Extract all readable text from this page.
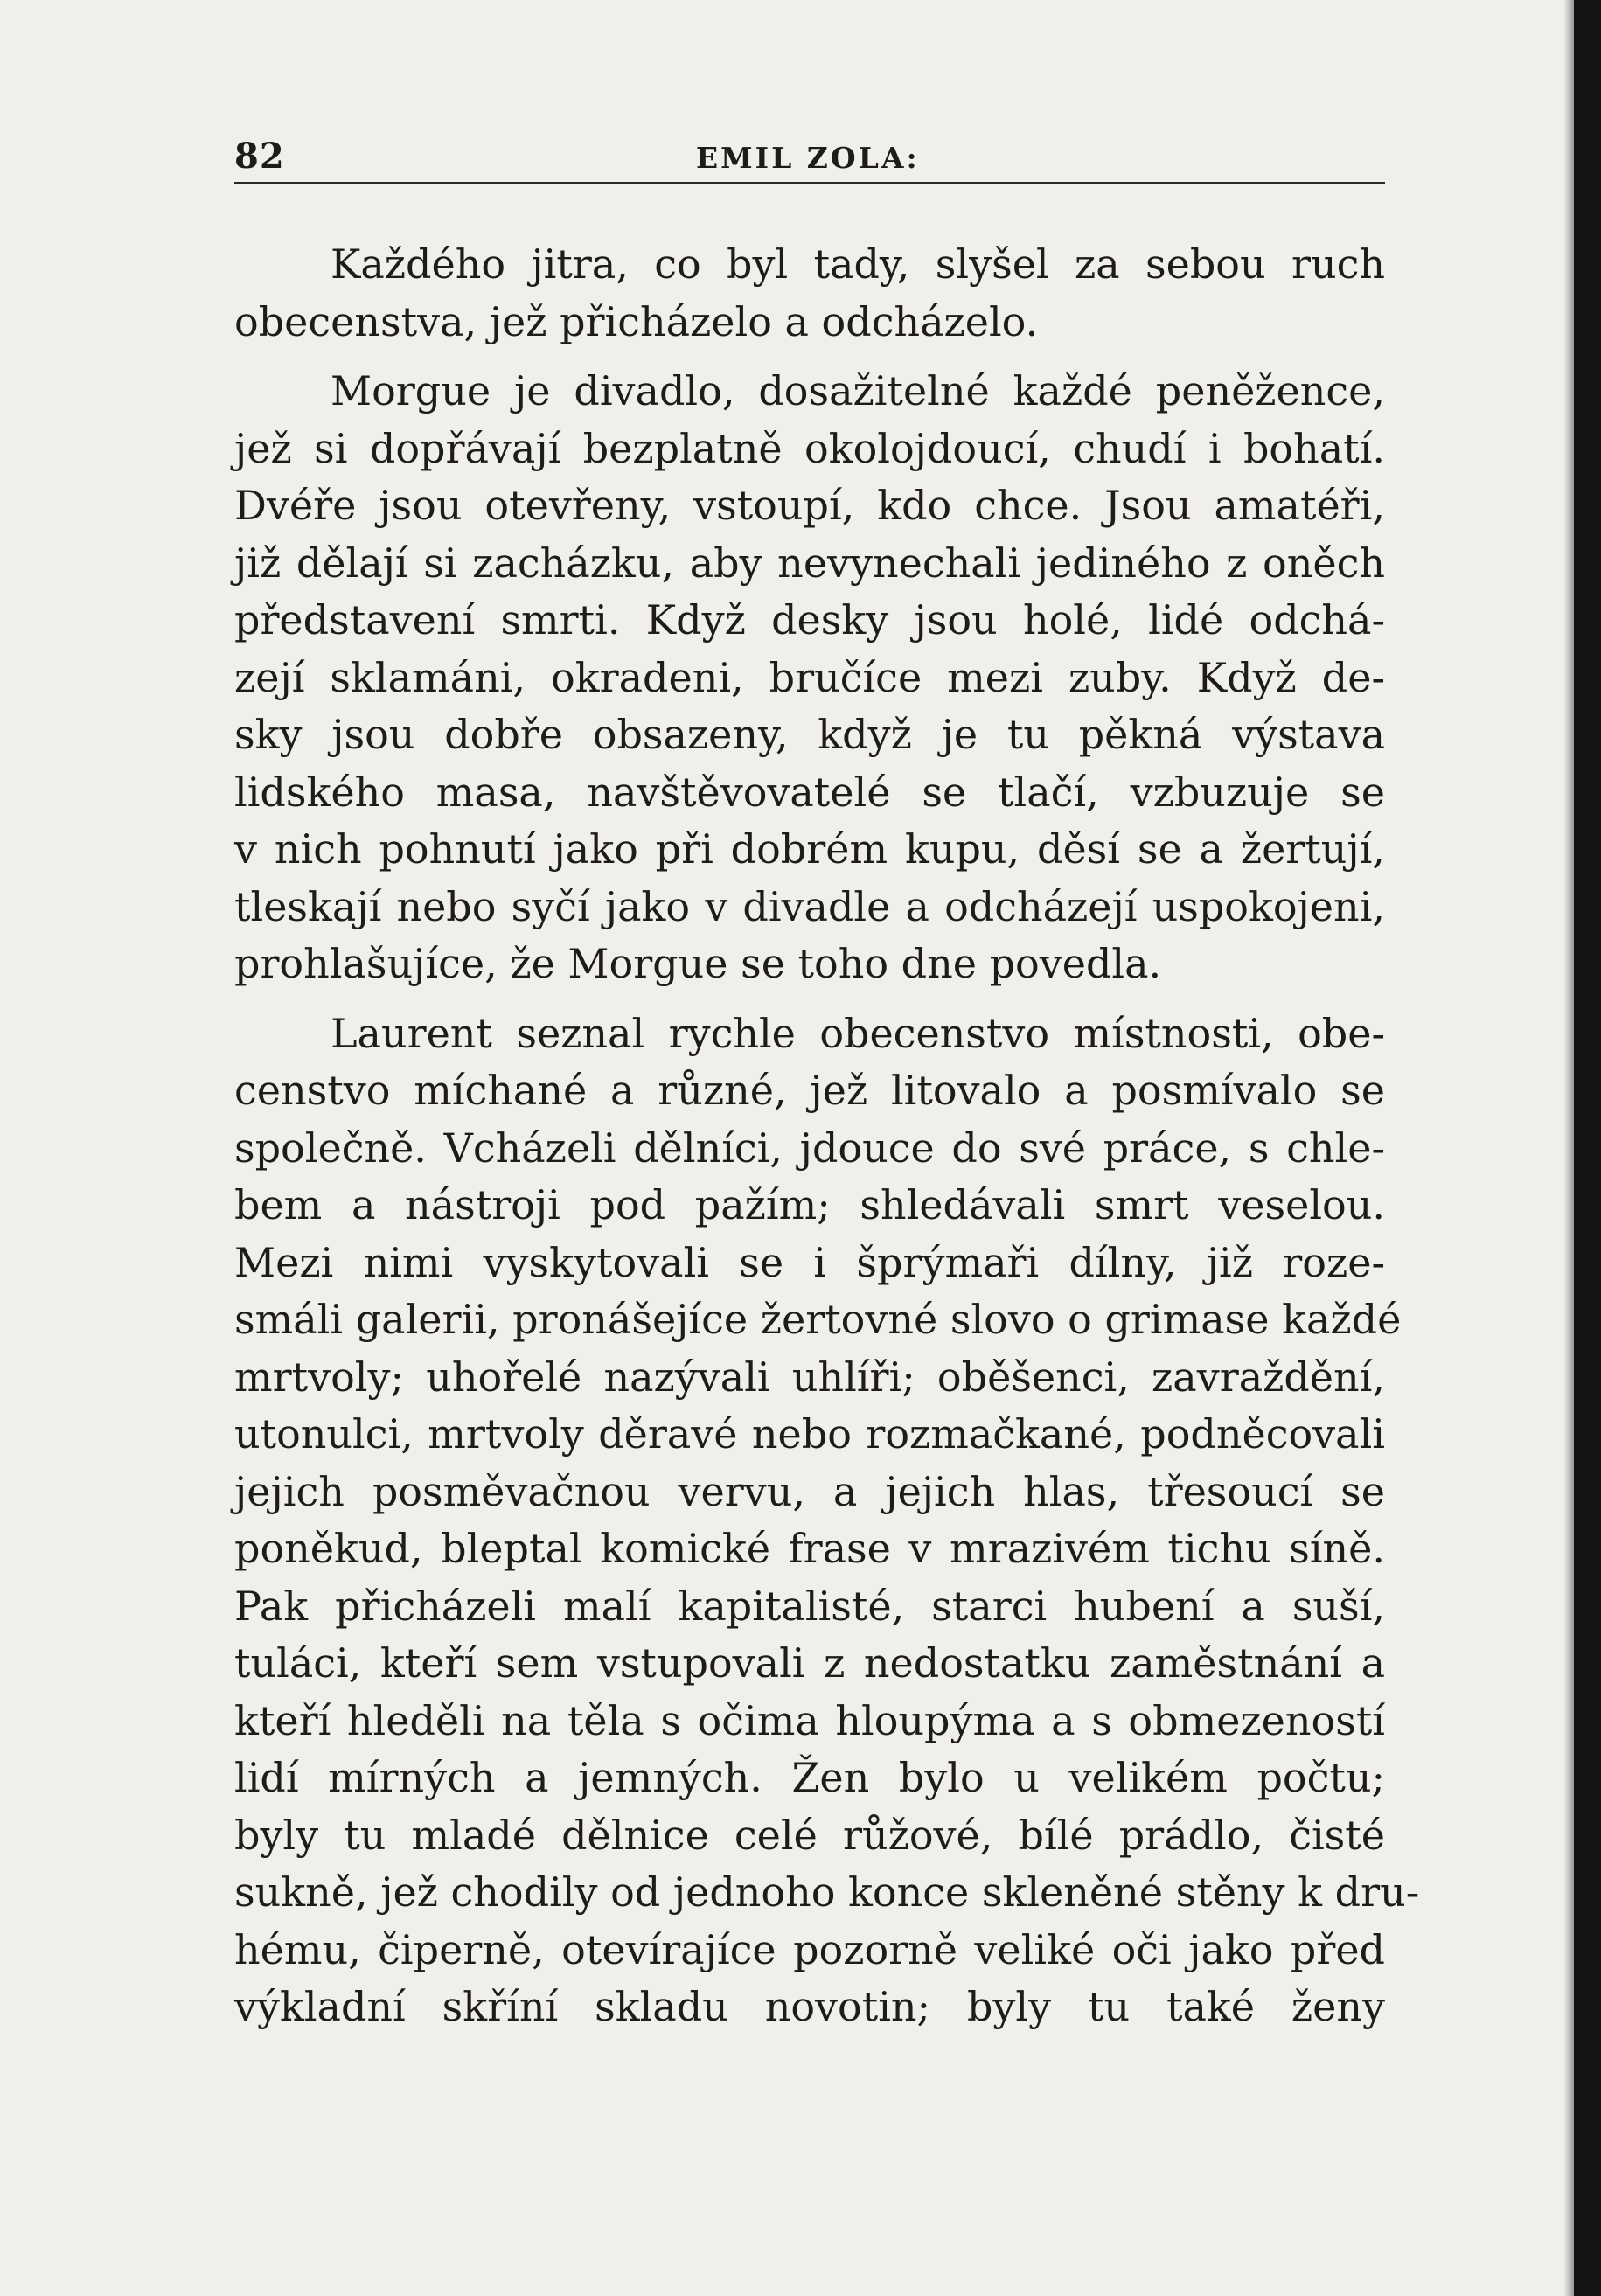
82	EMIL ZOLA:
Každého jitra, co byl tady, slyšel za sebou ruch
obecenstva, jež přicházelo a odcházelo.
Morgue je divadlo, dosažitelné každé peněžence,
jež si dopřávají bezplatně okolojdoucí, chudí i bohatí.
Dvéře jsou otevřeny, vstoupí, kdo chce. Jsou amatéři,
již dělají si zacházku, aby nevynechali jediného z oněch
představení smrti. Když desky jsou holé, lidé odchá-
zejí sklamáni, okradeni, bručíce mezi zuby. Když de-
sky jsou dobře obsazeny, když je tu pěkná výstava
lidského masa, navštěvovatelé se tlačí, vzbuzuje se
v nich pohnutí jako při dobrém kupu, děsí se a žertují,
tleskají nebo syčí jako v divadle a odcházejí uspokojeni,
prohlašujíce, že Morgue se toho dne povedla.
Laurent seznal rychle obecenstvo místnosti, obe-
censtvo míchané a různé, jež litovalo a posmívalo se
společně. Vcházeli dělníci, jdouce do své práce, s chle-
bem a nástroji pod pažím; shledávali smrt veselou.
Mezi nimi vyskytovali se i šprýmaři dílny, již roze-
smáli galerii, pronášejíce žertovné slovo o grimase každé
mrtvoly; uhořelé nazývali uhlíři; oběšenci, zavraždění,
utonulci, mrtvoly děravé nebo rozmačkané, podněcovali
jejich posměvačnou vervu, a jejich hlas, třesoucí se
poněkud, bleptal komické frase v mrazivém tichu síně.
Pak přicházeli malí kapitalisté, starci hubení a suší,
tuláci, kteří sem vstupovali z nedostatku zaměstnání a
kteří hleděli na těla s očima hloupýma a s obmezeností
lidí mírných a jemných. Žen bylo u velikém počtu;
byly tu mladé dělnice celé růžové, bílé prádlo, čisté
sukně, jež chodily od jednoho konce skleněné stěny k dru-
hému, čiperně, otevírajíce pozorně veliké oči jako před
výkladní skříní skladu novotin; byly tu také ženy
